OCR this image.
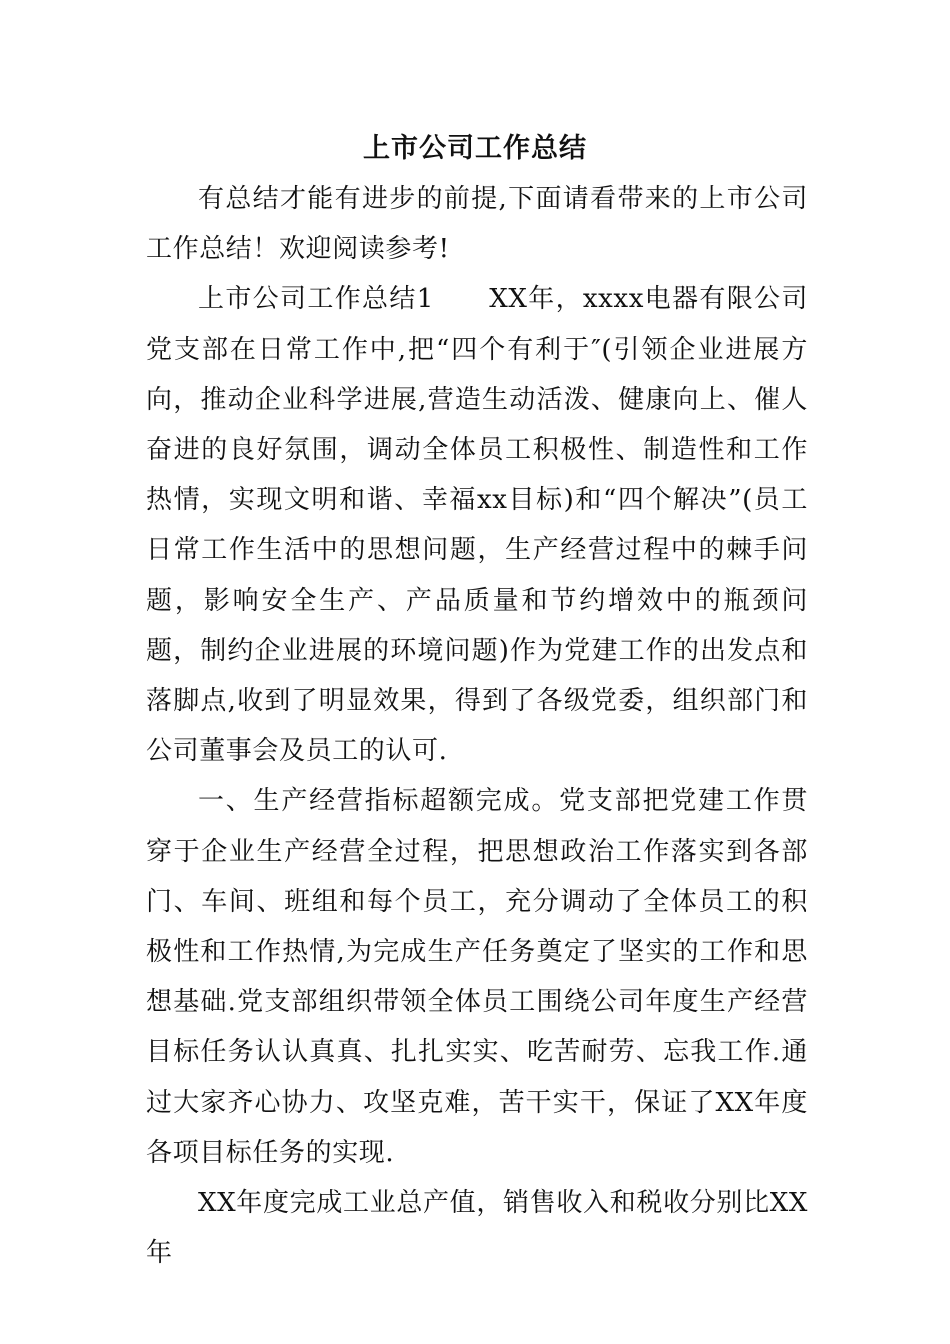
上市公司工作总结

有总结才能有进步的前提,下面请看带来的上市公司工作总结！欢迎阅读参考!

上市公司工作总结1　　XX年，xxxx电器有限公司党支部在日常工作中,把“四个有利于″(引领企业进展方向，推动企业科学进展,营造生动活泼、健康向上、催人奋进的良好氛围，调动全体员工积极性、制造性和工作热情，实现文明和谐、幸福xx目标)和“四个解决”(员工日常工作生活中的思想问题，生产经营过程中的棘手问题，影响安全生产、产品质量和节约增效中的瓶颈问题，制约企业进展的环境问题)作为党建工作的出发点和落脚点,收到了明显效果，得到了各级党委，组织部门和公司董事会及员工的认可.

一、生产经营指标超额完成。党支部把党建工作贯穿于企业生产经营全过程，把思想政治工作落实到各部门、车间、班组和每个员工，充分调动了全体员工的积极性和工作热情,为完成生产任务奠定了坚实的工作和思想基础.党支部组织带领全体员工围绕公司年度生产经营目标任务认认真真、扎扎实实、吃苦耐劳、忘我工作.通过大家齐心协力、攻坚克难，苦干实干，保证了XX年度各项目标任务的实现.

XX年度完成工业总产值，销售收入和税收分别比XX年
